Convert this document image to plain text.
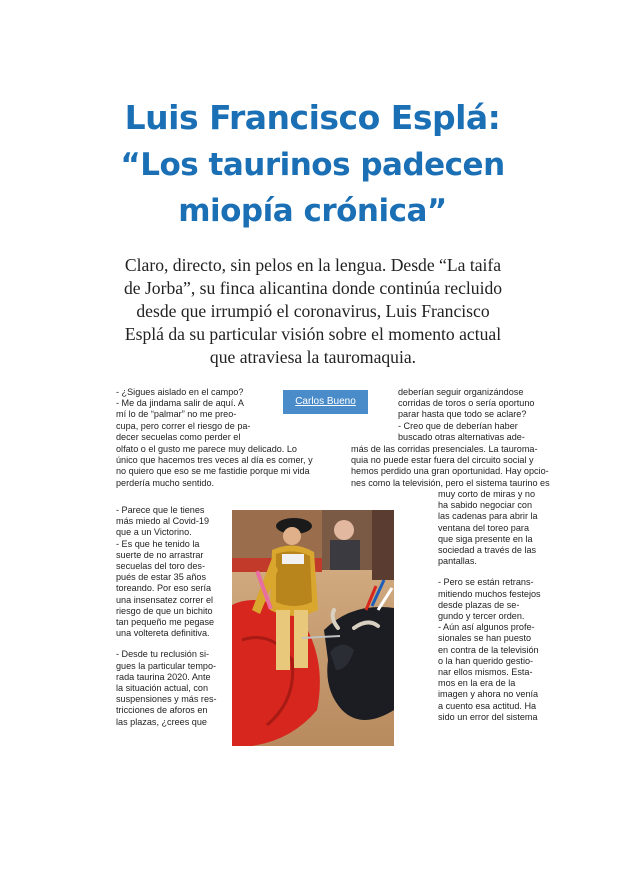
Luis Francisco Esplá:
“Los taurinos padecen
miopía crónica”
Claro, directo, sin pelos en la lengua. Desde “La taifa
de Jorba”, su finca alicantina donde continúa recluido
desde que irrumpió el coronavirus, Luis Francisco
Esplá da su particular visión sobre el momento actual
que atraviesa la tauromaquia.

- ¿Sigues aislado en el campo?

- Me da jindama salir de aquí. A

mí lo de “palmar” no me preo-

cupa, pero correr el riesgo de pa-

decer secuelas como perder el

olfato o el gusto me parece muy delicado. Lo

único que hacemos tres veces al día es comer, y

no quiero que eso se me fastidie porque mi vida

perdería mucho sentido.

- Parece que le tienes

más miedo al Covid-19

que a un Victorino.

- Es que he tenido la

suerte de no arrastrar

secuelas del toro des-

pués de estar 35 años

toreando. Por eso sería

una insensatez correr el

riesgo de que un bichito

tan pequeño me pegase

una voltereta definitiva.

- Desde tu reclusión si-

gues la particular tempo-

rada taurina 2020. Ante

la situación actual, con

suspensiones y más res-

tricciones de aforos en

las plazas, ¿crees que

Carlos Bueno

deberían seguir organizándose

corridas de toros o sería oportuno

parar hasta que todo se aclare?

- Creo que de deberían haber

buscado otras alternativas ade-

más de las corridas presenciales. La tauroma-

quia no puede estar fuera del circuito social y

hemos perdido una gran oportunidad. Hay opcio-

nes como la televisión, pero el sistema taurino es

muy corto de miras y no

ha sabido negociar con

las cadenas para abrir la

ventana del toreo para

que siga presente en la

sociedad a través de las

pantallas.

- Pero se están retrans-

mitiendo muchos festejos

desde plazas de se-

gundo y tercer orden.

- Aún así algunos profe-

sionales se han puesto

en contra de la televisión

o la han querido gestio-

nar ellos mismos. Esta-

mos en la era de la

imagen y ahora no venía

a cuento esa actitud. Ha

sido un error del sistema
